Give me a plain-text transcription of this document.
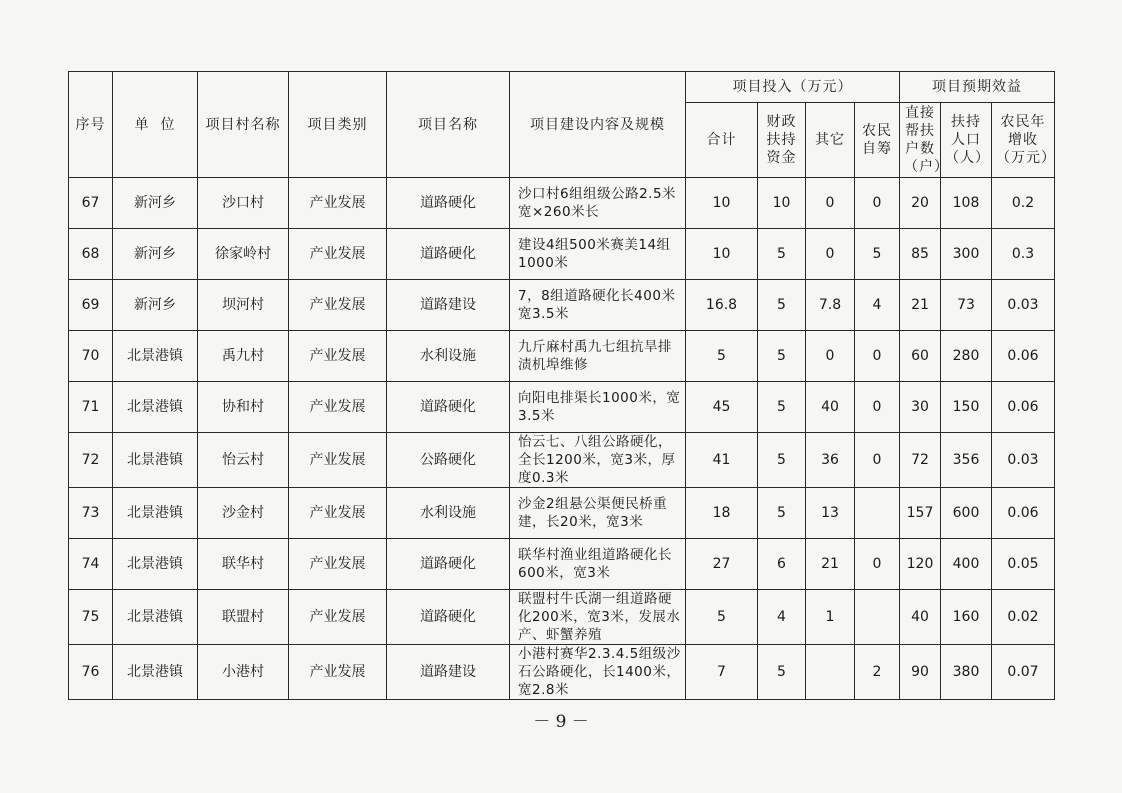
序号	单  位	项目村名称	项目类别	项目名称	项目建设内容及规模	项目投入（万元）				项目预期效益		
						合计	财政扶持资金	其它	农民自筹	直接帮扶户数（户）	扶持人口（人）	农民年增收（万元）
67	新河乡	沙口村	产业发展	道路硬化	沙口村6组组级公路2.5米宽×260米长	10	10	0	0	20	108	0.2
68	新河乡	徐家岭村	产业发展	道路硬化	建设4组500米赛美14组1000米	10	5	0	5	85	300	0.3
69	新河乡	坝河村	产业发展	道路建设	7，8组道路硬化长400米宽3.5米	16.8	5	7.8	4	21	73	0.03
70	北景港镇	禹九村	产业发展	水利设施	九斤麻村禹九七组抗旱排渍机埠维修	5	5	0	0	60	280	0.06
71	北景港镇	协和村	产业发展	道路硬化	向阳电排渠长1000米，宽3.5米	45	5	40	0	30	150	0.06
72	北景港镇	怡云村	产业发展	公路硬化	怡云七、八组公路硬化，全长1200米，宽3米，厚度0.3米	41	5	36	0	72	356	0.03
73	北景港镇	沙金村	产业发展	水利设施	沙金2组悬公渠便民桥重建，长20米，宽3米	18	5	13		157	600	0.06
74	北景港镇	联华村	产业发展	道路硬化	联华村渔业组道路硬化长600米，宽3米	27	6	21	0	120	400	0.05
75	北景港镇	联盟村	产业发展	道路硬化	联盟村牛氏湖一组道路硬化200米，宽3米，发展水产、虾蟹养殖	5	4	1		40	160	0.02
76	北景港镇	小港村	产业发展	道路建设	小港村赛华2.3.4.5组级沙石公路硬化，长1400米，宽2.8米	7	5		2	90	380	0.07
－ 9 －
